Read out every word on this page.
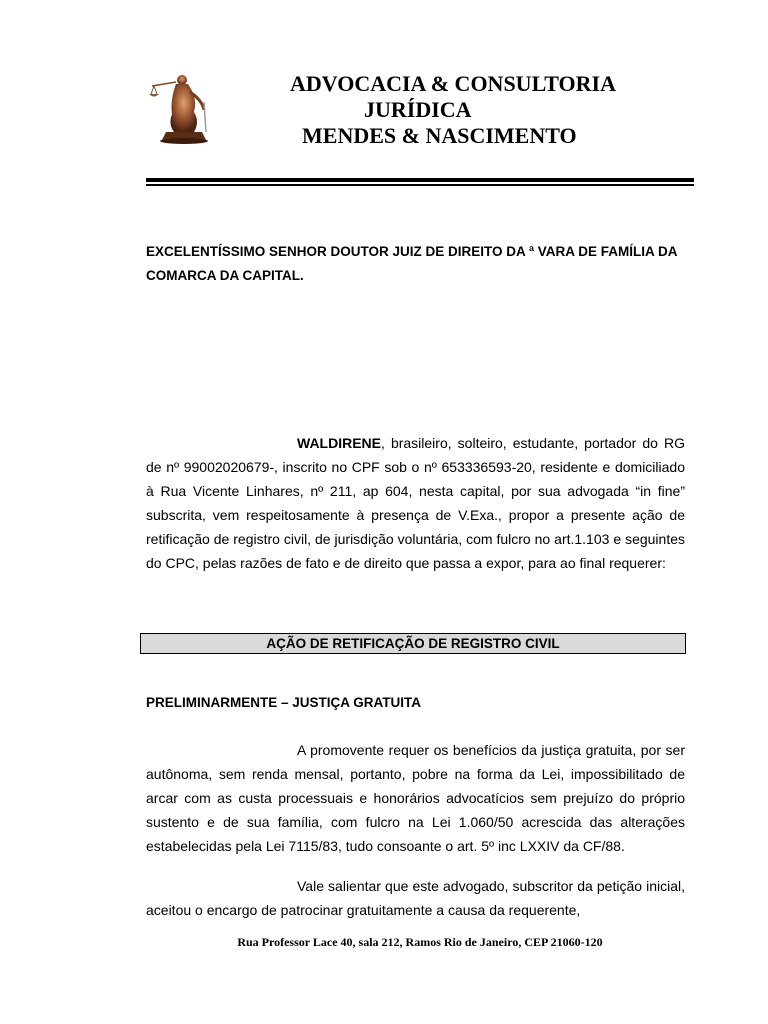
ADVOCACIA & CONSULTORIA
JURÍDICA
MENDES & NASCIMENTO
EXCELENTÍSSIMO SENHOR DOUTOR JUIZ DE DIREITO DA ª VARA DE FAMÍLIA DA COMARCA DA CAPITAL.
WALDIRENE, brasileiro, solteiro, estudante, portador do RG de nº 99002020679-, inscrito no CPF sob o nº 653336593-20, residente e domiciliado à Rua Vicente Linhares, nº 211, ap 604, nesta capital, por sua advogada “in fine” subscrita, vem respeitosamente à presença de V.Exa., propor a presente ação de retificação de registro civil, de jurisdição voluntária, com fulcro no art.1.103 e seguintes do CPC, pelas razões de fato e de direito que passa a expor, para ao final requerer:
AÇÃO DE RETIFICAÇÃO DE REGISTRO CIVIL
PRELIMINARMENTE – JUSTIÇA GRATUITA
A promovente requer os benefícios da justiça gratuita, por ser autônoma, sem renda mensal, portanto, pobre na forma da Lei, impossibilitado de arcar com as custa processuais e honorários advocatícios sem prejuízo do próprio sustento e de sua família, com fulcro na Lei 1.060/50 acrescida das alterações estabelecidas pela Lei 7115/83, tudo consoante o art. 5º inc LXXIV da CF/88.
Vale salientar que este advogado, subscritor da petição inicial, aceitou o encargo de patrocinar gratuitamente a causa da requerente,
Rua Professor Lace 40, sala 212, Ramos Rio de Janeiro, CEP 21060-120
